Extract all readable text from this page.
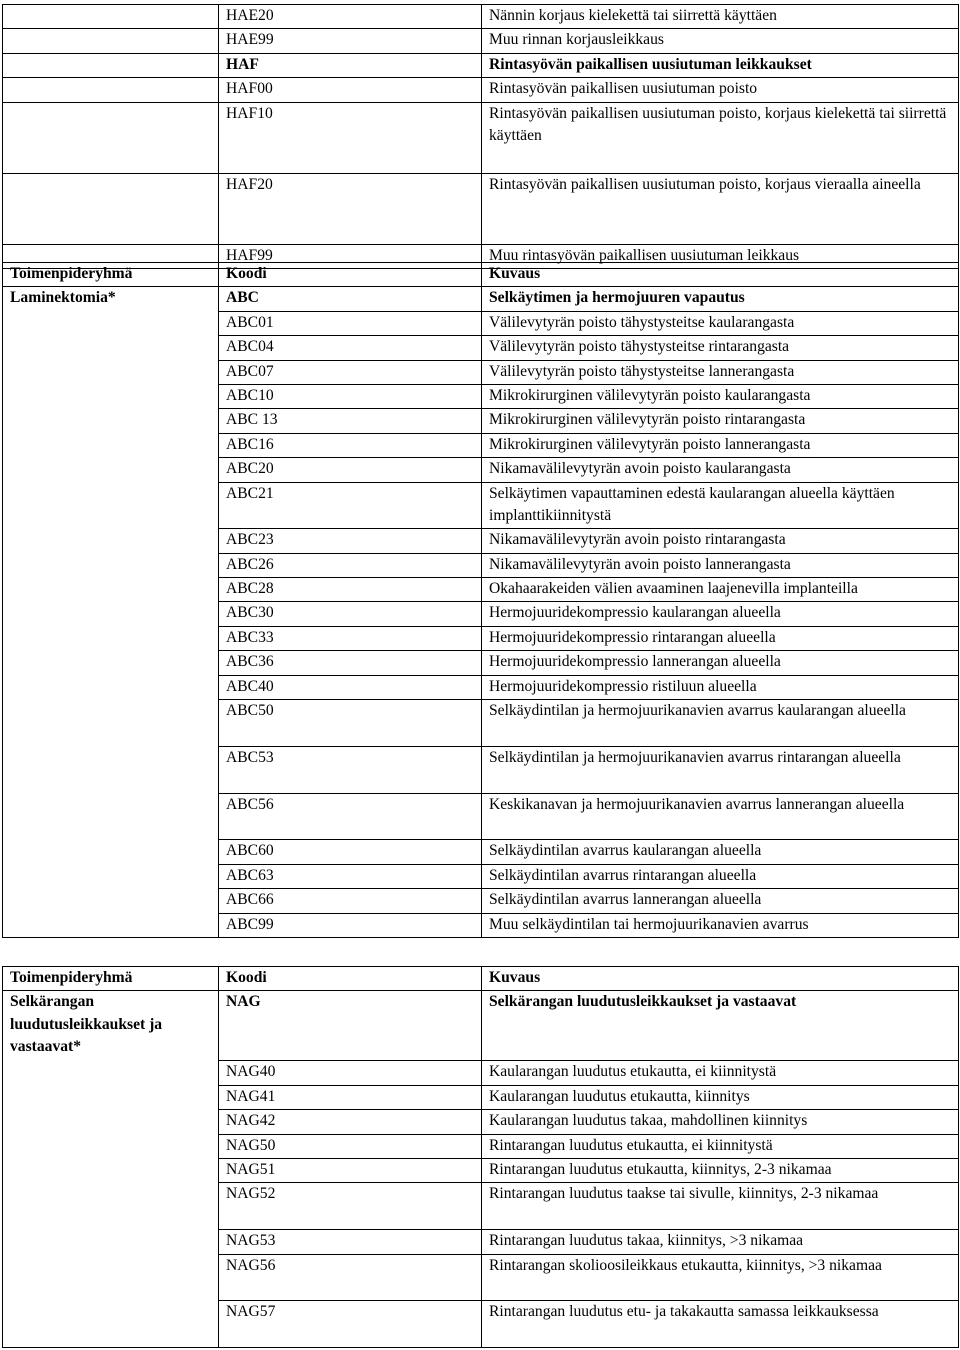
	HAE20	Nännin korjaus kielekettä tai siirrettä käyttäen
	HAE99	Muu rinnan korjausleikkaus
	HAF	Rintasyövän paikallisen uusiutuman leikkaukset
	HAF00	Rintasyövän paikallisen uusiutuman poisto
	HAF10	Rintasyövän paikallisen uusiutuman poisto, korjaus kielekettä tai siirrettä käyttäen
	HAF20	Rintasyövän paikallisen uusiutuman poisto, korjaus vieraalla aineella
	HAF99	Muu rintasyövän paikallisen uusiutuman leikkaus
Toimenpideryhmä	Koodi	Kuvaus
Laminektomia*	ABC	Selkäytimen ja hermojuuren vapautus
	ABC01	Välilevytyrän poisto tähystysteitse kaularangasta
	ABC04	Välilevytyrän poisto tähystysteitse rintarangasta
	ABC07	Välilevytyrän poisto tähystysteitse lannerangasta
	ABC10	Mikrokirurginen välilevytyrän poisto kaularangasta
	ABC 13	Mikrokirurginen välilevytyrän poisto rintarangasta
	ABC16	Mikrokirurginen välilevytyrän poisto lannerangasta
	ABC20	Nikamavälilevytyrän avoin poisto kaularangasta
	ABC21	Selkäytimen vapauttaminen edestä kaularangan alueella käyttäen implanttikiinnitystä
	ABC23	Nikamavälilevytyrän avoin poisto rintarangasta
	ABC26	Nikamavälilevytyrän avoin poisto lannerangasta
	ABC28	Okahaarakeiden välien avaaminen laajenevilla implanteilla
	ABC30	Hermojuuridekompressio kaularangan alueella
	ABC33	Hermojuuridekompressio rintarangan alueella
	ABC36	Hermojuuridekompressio lannerangan alueella
	ABC40	Hermojuuridekompressio ristiluun alueella
	ABC50	Selkäydintilan ja hermojuurikanavien avarrus kaularangan alueella
	ABC53	Selkäydintilan ja hermojuurikanavien avarrus rintarangan alueella
	ABC56	Keskikanavan ja hermojuurikanavien avarrus lannerangan alueella
	ABC60	Selkäydintilan avarrus kaularangan alueella
	ABC63	Selkäydintilan avarrus rintarangan alueella
	ABC66	Selkäydintilan avarrus lannerangan alueella
	ABC99	Muu selkäydintilan tai hermojuurikanavien avarrus
Toimenpideryhmä	Koodi	Kuvaus
Selkärangan luudutusleikkaukset ja vastaavat*	NAG	Selkärangan luudutusleikkaukset ja vastaavat
	NAG40	Kaularangan luudutus etukautta, ei kiinnitystä
	NAG41	Kaularangan luudutus etukautta, kiinnitys
	NAG42	Kaularangan luudutus takaa, mahdollinen kiinnitys
	NAG50	Rintarangan luudutus etukautta, ei kiinnitystä
	NAG51	Rintarangan luudutus etukautta, kiinnitys, 2-3 nikamaa
	NAG52	Rintarangan luudutus taakse tai sivulle, kiinnitys, 2-3 nikamaa
	NAG53	Rintarangan luudutus takaa, kiinnitys, >3 nikamaa
	NAG56	Rintarangan skolioosileikkaus etukautta, kiinnitys, >3 nikamaa
	NAG57	Rintarangan luudutus etu- ja takakautta samassa leikkauksessa
